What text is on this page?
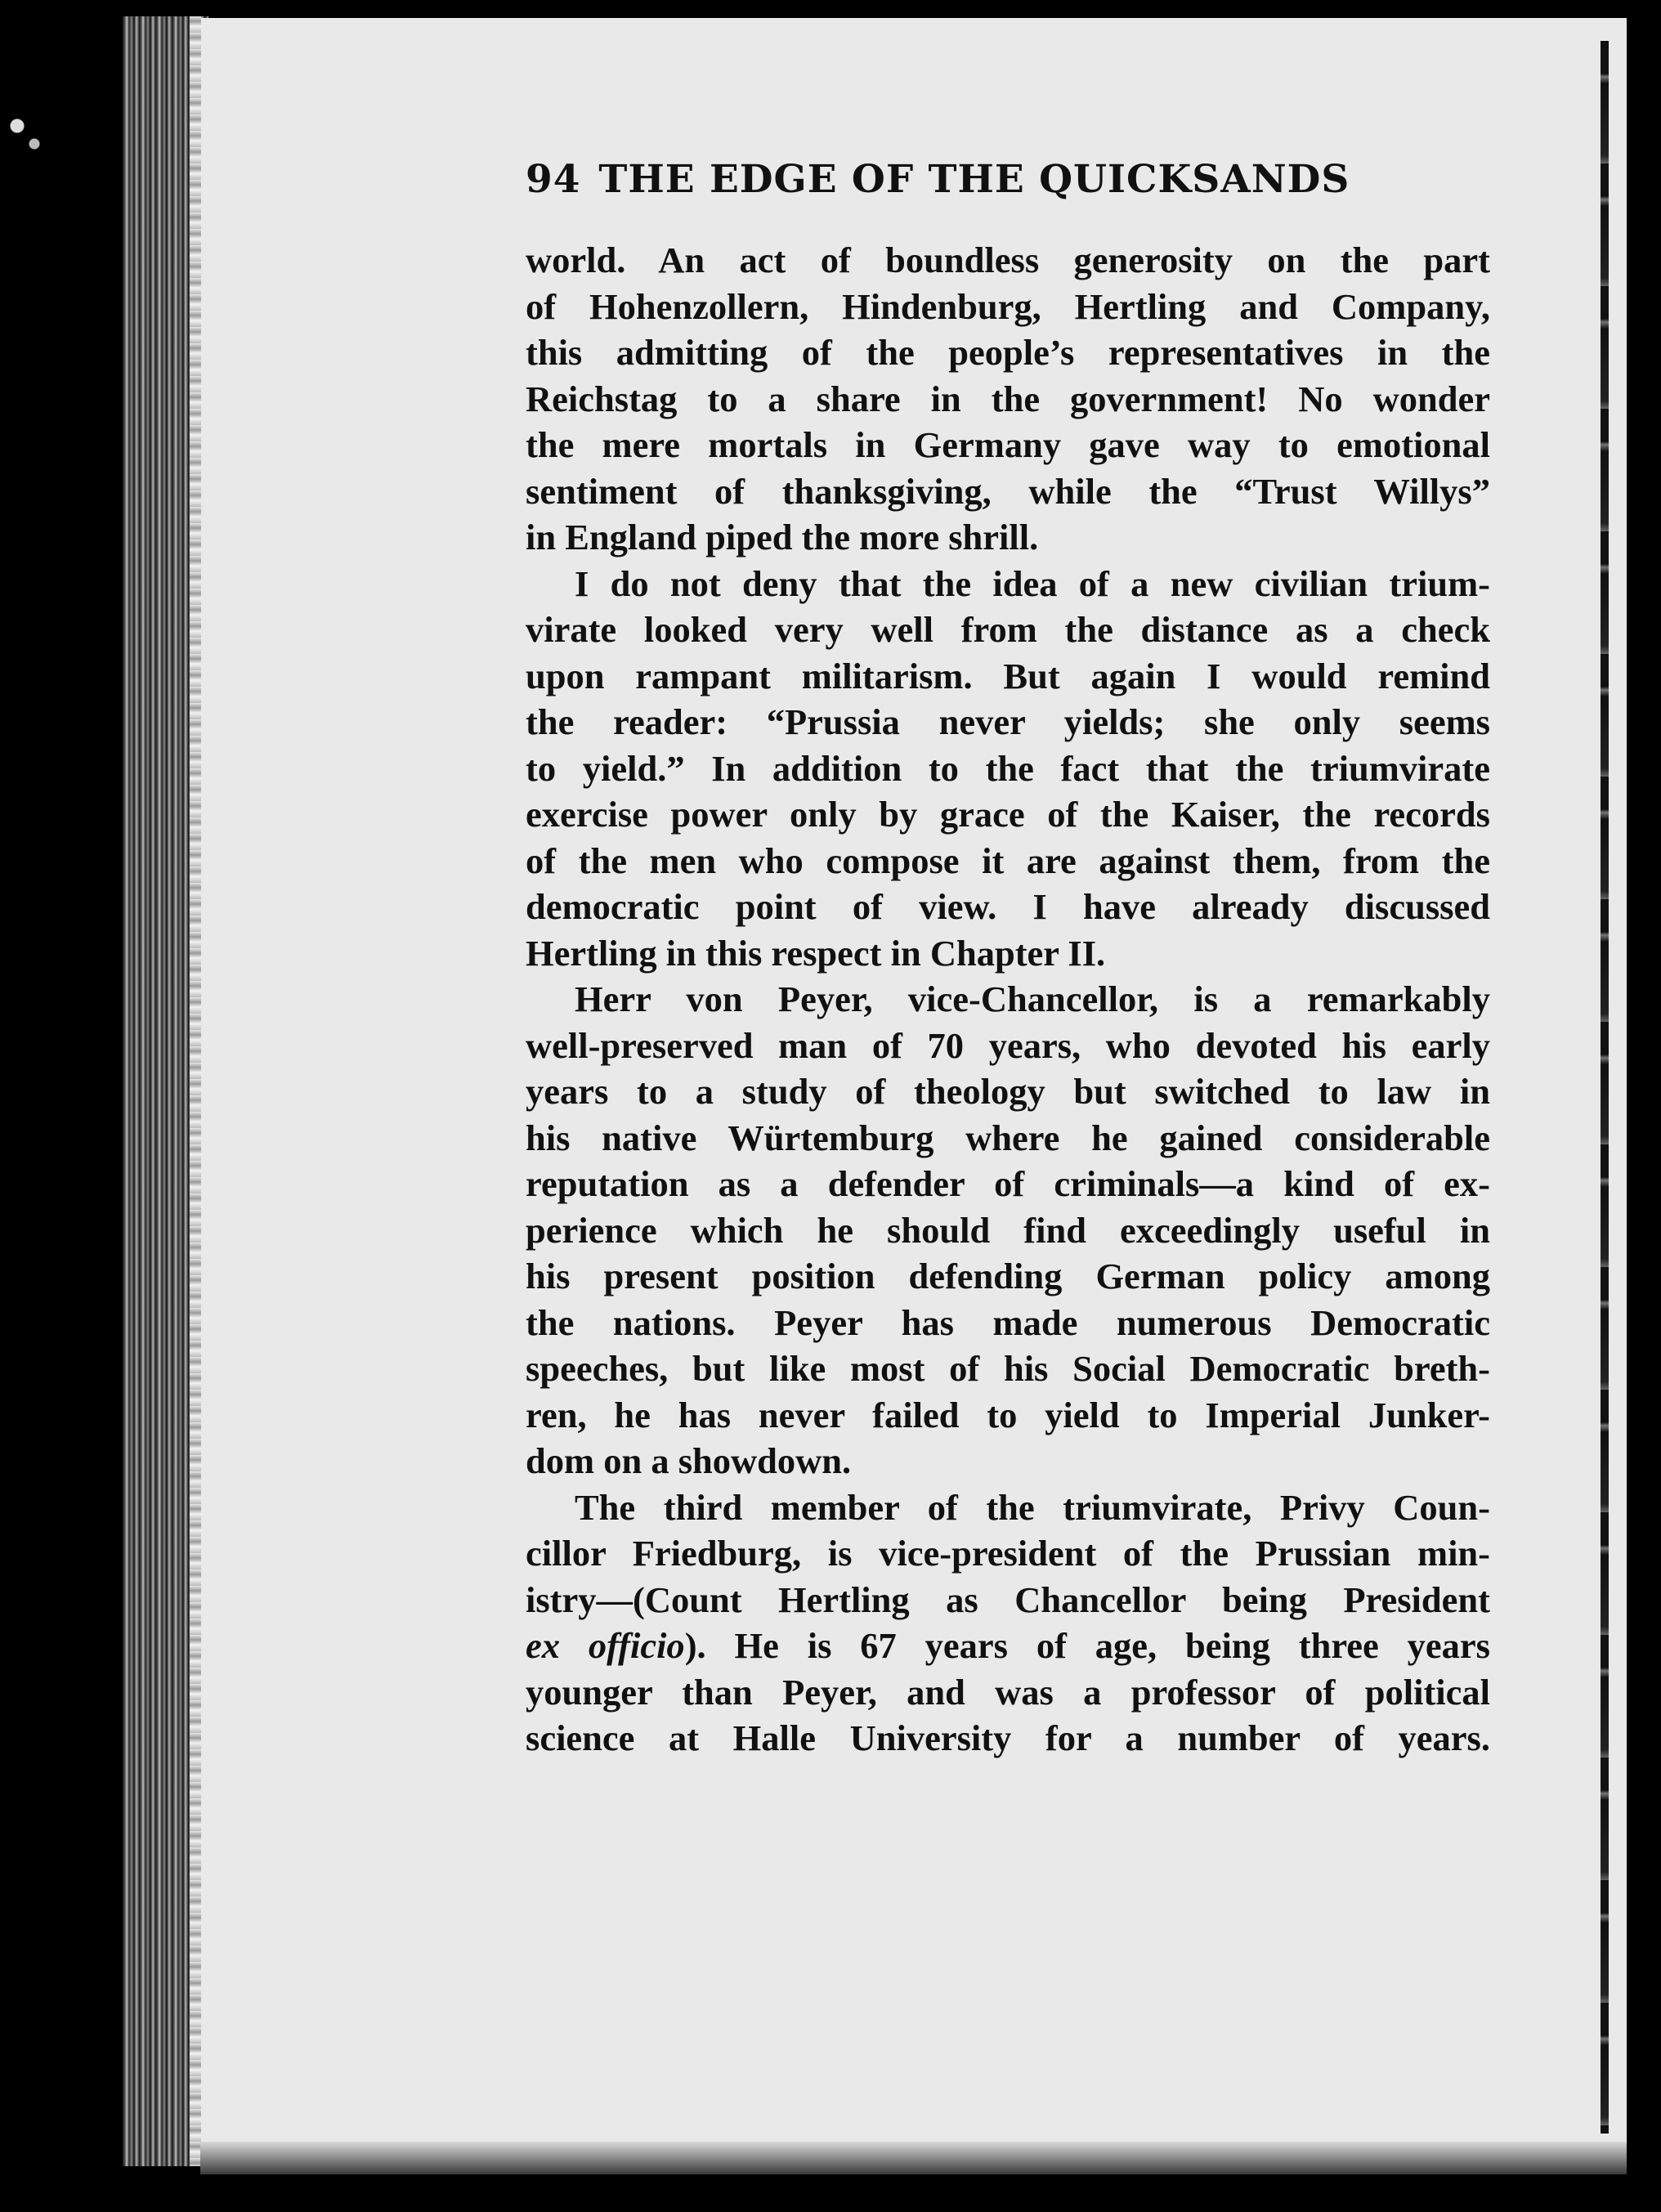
94 THE EDGE OF THE QUICKSANDS
world. An act of boundless generosity on the part
of Hohenzollern, Hindenburg, Hertling and Company,
this admitting of the people’s representatives in the
Reichstag to a share in the government! No wonder
the mere mortals in Germany gave way to emotional
sentiment of thanksgiving, while the “Trust Willys”
in England piped the more shrill.
I do not deny that the idea of a new civilian trium-
virate looked very well from the distance as a check
upon rampant militarism. But again I would remind
the reader: “Prussia never yields; she only seems
to yield.” In addition to the fact that the triumvirate
exercise power only by grace of the Kaiser, the records
of the men who compose it are against them, from the
democratic point of view. I have already discussed
Hertling in this respect in Chapter II.
Herr von Peyer, vice-Chancellor, is a remarkably
well-preserved man of 70 years, who devoted his early
years to a study of theology but switched to law in
his native Würtemburg where he gained considerable
reputation as a defender of criminals—a kind of ex-
perience which he should find exceedingly useful in
his present position defending German policy among
the nations. Peyer has made numerous Democratic
speeches, but like most of his Social Democratic breth-
ren, he has never failed to yield to Imperial Junker-
dom on a showdown.
The third member of the triumvirate, Privy Coun-
cillor Friedburg, is vice-president of the Prussian min-
istry—(Count Hertling as Chancellor being President
ex officio). He is 67 years of age, being three years
younger than Peyer, and was a professor of political
science at Halle University for a number of years.
